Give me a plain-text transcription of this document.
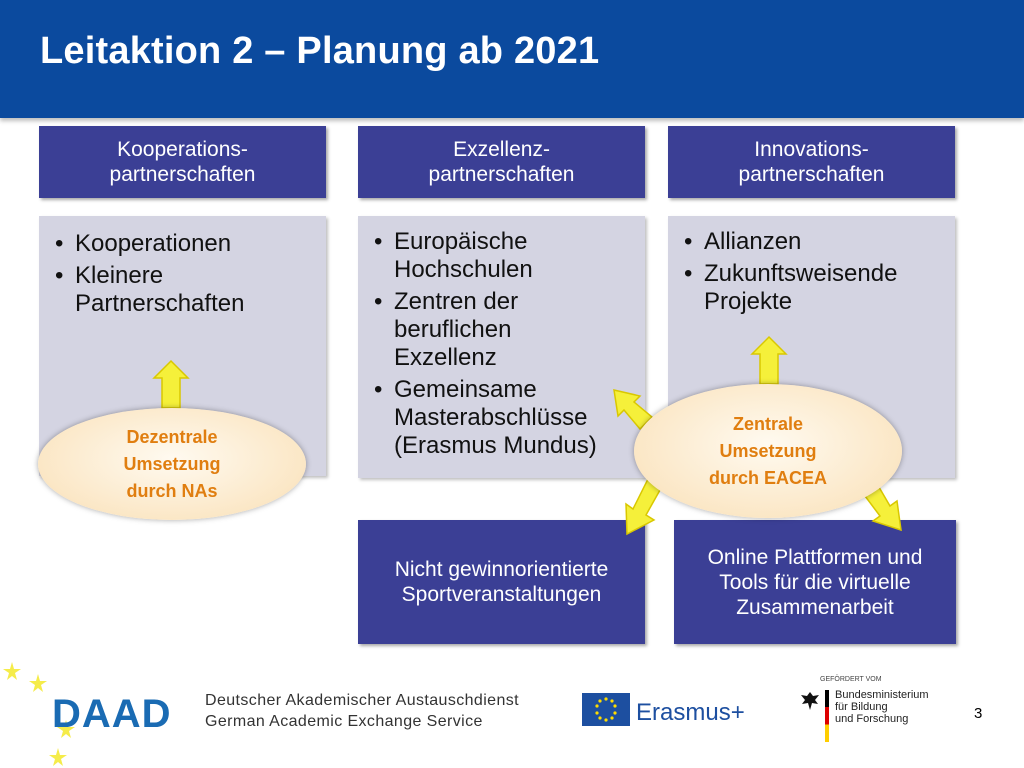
Leitaktion 2 – Planung ab 2021
Kooperations-
partnerschaften
Exzellenz-
partnerschaften
Innovations-
partnerschaften
• Kooperationen
• Kleinere
Partnerschaften
• Europäische
Hochschulen
• Zentren der
beruflichen
Exzellenz
• Gemeinsame
Masterabschlüsse
(Erasmus Mundus)
• Allianzen
• Zukunftsweisende
Projekte
Nicht gewinnorientierte
Sportveranstaltungen
Online Plattformen und
Tools für die virtuelle
Zusammenarbeit
Dezentrale
Umsetzung
durch NAs
Zentrale
Umsetzung
durch EACEA
DAAD Deutscher Akademischer Austauschdienst
German Academic Exchange Service	Erasmus+
GEFÖRDERT VOM
Bundesministerium
für Bildung
und Forschung	3
